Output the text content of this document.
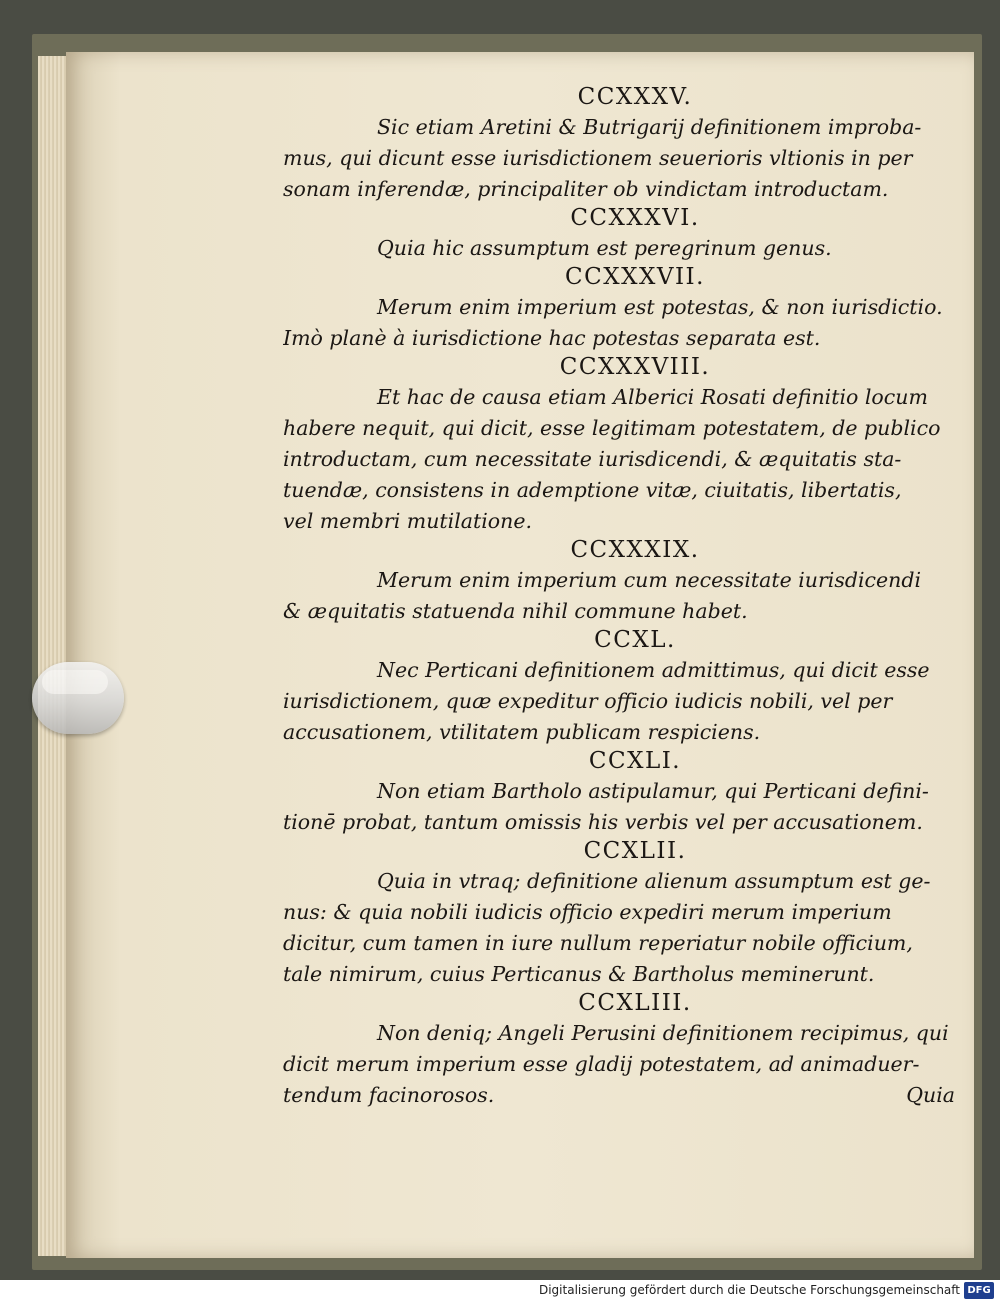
CCXXXV.
Sic etiam Aretini & Butrigarij definitionem improba-
mus, qui dicunt esse iurisdictionem seuerioris vltionis in per
sonam inferendæ, principaliter ob vindictam introductam.
CCXXXVI.
Quia hic assumptum est peregrinum genus.
CCXXXVII.
Merum enim imperium est potestas, & non iurisdictio.
Imò planè à iurisdictione hac potestas separata est.
CCXXXVIII.
Et hac de causa etiam Alberici Rosati definitio locum
habere nequit, qui dicit, esse legitimam potestatem, de publico
introductam, cum necessitate iurisdicendi, & æquitatis sta-
tuendæ, consistens in ademptione vitæ, ciuitatis, libertatis,
vel membri mutilatione.
CCXXXIX.
Merum enim imperium cum necessitate iurisdicendi
& æquitatis statuenda nihil commune habet.
CCXL.
Nec Perticani definitionem admittimus, qui dicit esse
iurisdictionem, quæ expeditur officio iudicis nobili, vel per
accusationem, vtilitatem publicam respiciens.
CCXLI.
Non etiam Bartholo astipulamur, qui Perticani defini-
tionē probat, tantum omissis his verbis vel per accusationem.
CCXLII.
Quia in vtraq; definitione alienum assumptum est ge-
nus: & quia nobili iudicis officio expediri merum imperium
dicitur, cum tamen in iure nullum reperiatur nobile officium,
tale nimirum, cuius Perticanus & Bartholus meminerunt.
CCXLIII.
Non deniq; Angeli Perusini definitionem recipimus, qui
dicit merum imperium esse gladij potestatem, ad animaduer-
tendum facinorosos.	Quia
Digitalisierung gefördert durch die Deutsche Forschungsgemeinschaft DFG
